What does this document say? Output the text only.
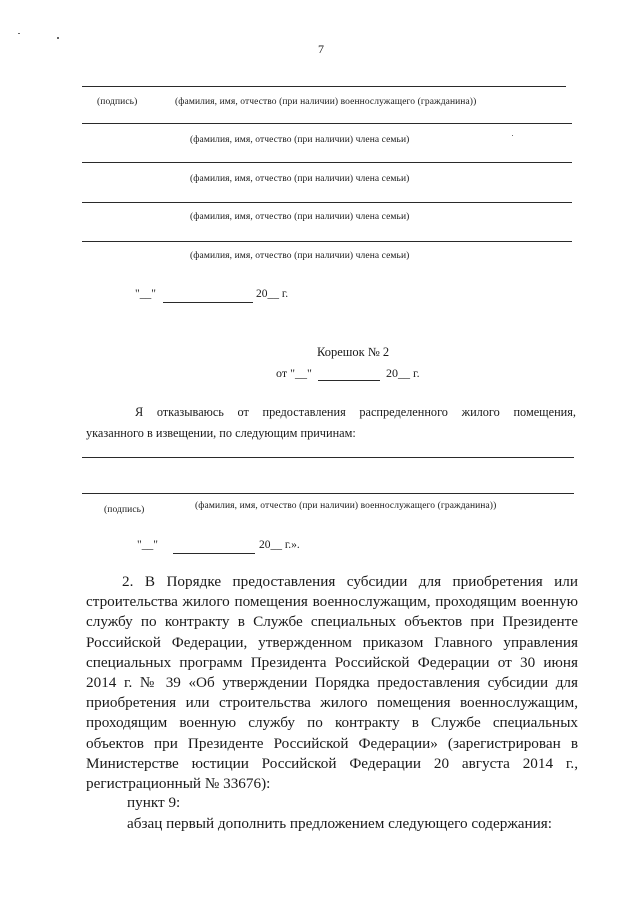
7
(подпись)	(фамилия, имя, отчество (при наличии) военнослужащего (гражданина))
(фамилия, имя, отчество (при наличии) члена семьи)
(фамилия, имя, отчество (при наличии) члена семьи)
(фамилия, имя, отчество (при наличии) члена семьи)
(фамилия, имя, отчество (при наличии) члена семьи)
"__"	20__ г.
Корешок № 2
от "__"	20__ г.
Я отказываюсь от предоставления распределенного жилого помещения,
указанного в извещении, по следующим причинам:
(подпись)	(фамилия, имя, отчество (при наличии) военнослужащего (гражданина))
"__"	20__ г.».
2. В Порядке предоставления субсидии для приобретения или
строительства жилого помещения военнослужащим, проходящим военную
службу по контракту в Службе специальных объектов при Президенте
Российской Федерации, утвержденном приказом Главного управления
специальных программ Президента Российской Федерации от 30 июня
2014 г. № 39 «Об утверждении Порядка предоставления субсидии для
приобретения или строительства жилого помещения военнослужащим,
проходящим военную службу по контракту в Службе специальных
объектов при Президенте Российской Федерации» (зарегистрирован в
Министерстве юстиции Российской Федерации 20 августа 2014 г.,
регистрационный № 33676):
пункт 9:
абзац первый дополнить предложением следующего содержания:
